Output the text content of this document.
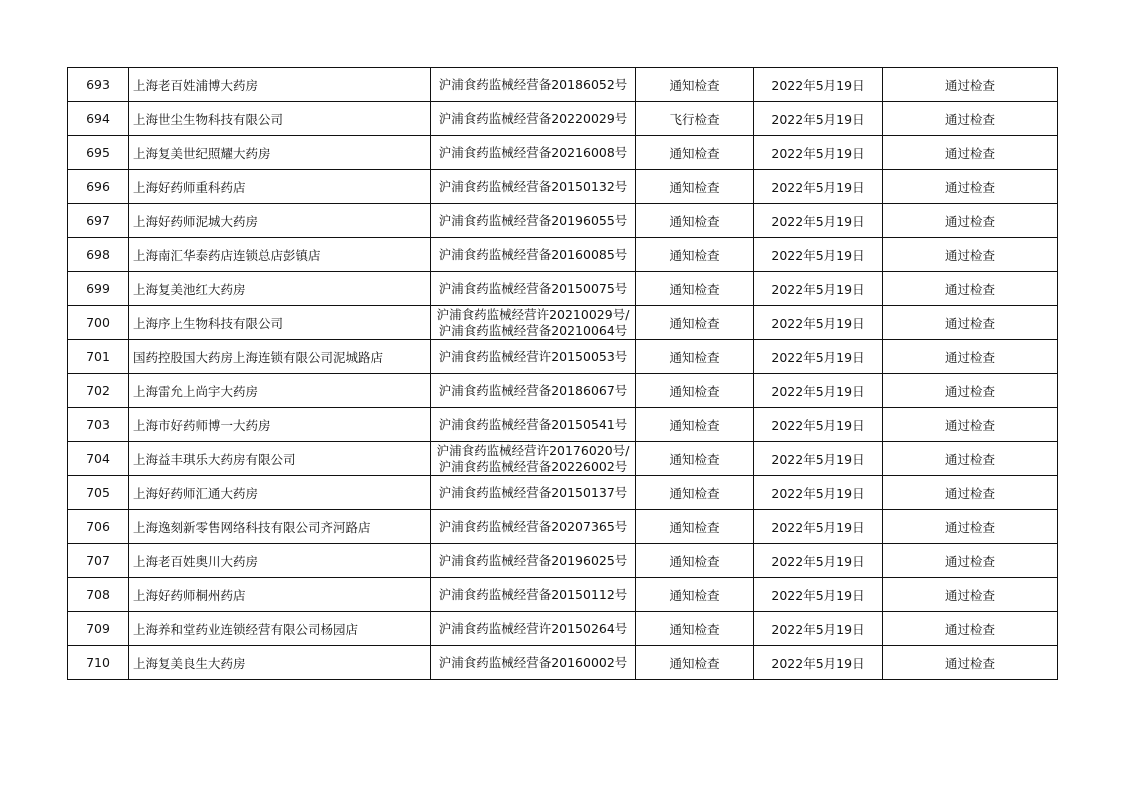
693	上海老百姓浦博大药房	沪浦食药监械经营备20186052号	通知检查	2022年5月19日	通过检查
694	上海世尘生物科技有限公司	沪浦食药监械经营备20220029号	飞行检查	2022年5月19日	通过检查
695	上海复美世纪照耀大药房	沪浦食药监械经营备20216008号	通知检查	2022年5月19日	通过检查
696	上海好药师重科药店	沪浦食药监械经营备20150132号	通知检查	2022年5月19日	通过检查
697	上海好药师泥城大药房	沪浦食药监械经营备20196055号	通知检查	2022年5月19日	通过检查
698	上海南汇华泰药店连锁总店彭镇店	沪浦食药监械经营备20160085号	通知检查	2022年5月19日	通过检查
699	上海复美池红大药房	沪浦食药监械经营备20150075号	通知检查	2022年5月19日	通过检查
700	上海序上生物科技有限公司	沪浦食药监械经营许20210029号/
沪浦食药监械经营备20210064号	通知检查	2022年5月19日	通过检查
701	国药控股国大药房上海连锁有限公司泥城路店	沪浦食药监械经营许20150053号	通知检查	2022年5月19日	通过检查
702	上海雷允上尚宇大药房	沪浦食药监械经营备20186067号	通知检查	2022年5月19日	通过检查
703	上海市好药师博一大药房	沪浦食药监械经营备20150541号	通知检查	2022年5月19日	通过检查
704	上海益丰琪乐大药房有限公司	沪浦食药监械经营许20176020号/
沪浦食药监械经营备20226002号	通知检查	2022年5月19日	通过检查
705	上海好药师汇通大药房	沪浦食药监械经营备20150137号	通知检查	2022年5月19日	通过检查
706	上海逸刻新零售网络科技有限公司齐河路店	沪浦食药监械经营备20207365号	通知检查	2022年5月19日	通过检查
707	上海老百姓奥川大药房	沪浦食药监械经营备20196025号	通知检查	2022年5月19日	通过检查
708	上海好药师桐州药店	沪浦食药监械经营备20150112号	通知检查	2022年5月19日	通过检查
709	上海养和堂药业连锁经营有限公司杨园店	沪浦食药监械经营许20150264号	通知检查	2022年5月19日	通过检查
710	上海复美良生大药房	沪浦食药监械经营备20160002号	通知检查	2022年5月19日	通过检查
